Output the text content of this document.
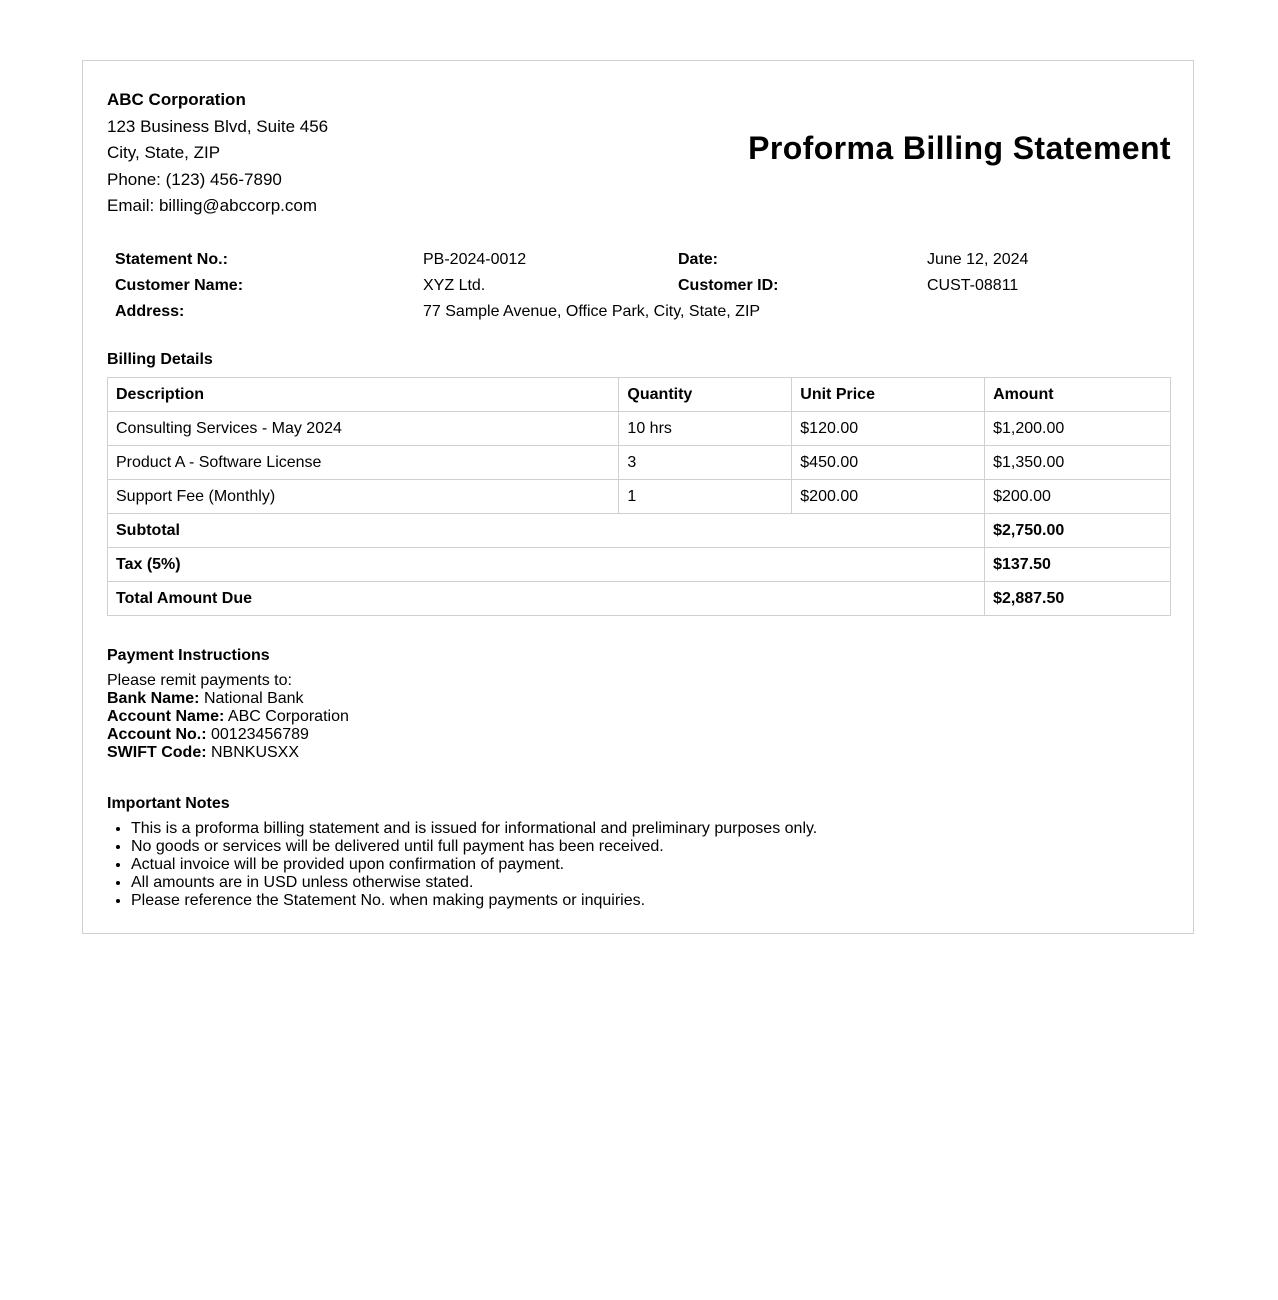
ABC Corporation
123 Business Blvd, Suite 456
City, State, ZIP
Phone: (123) 456-7890
Email: billing@abccorp.com
Proforma Billing Statement
Statement No.:	PB-2024-0012	Date:	June 12, 2024
Customer Name:	XYZ Ltd.	Customer ID:	CUST-08811
Address:	77 Sample Avenue, Office Park, City, State, ZIP		
Billing Details
Description	Quantity	Unit Price	Amount
Consulting Services - May 2024	10 hrs	$120.00	$1,200.00
Product A - Software License	3	$450.00	$1,350.00
Support Fee (Monthly)	1	$200.00	$200.00
Subtotal			$2,750.00
Tax (5%)			$137.50
Total Amount Due			$2,887.50
Payment Instructions
Please remit payments to:
Bank Name: National Bank
Account Name: ABC Corporation
Account No.: 00123456789
SWIFT Code: NBNKUSXX
Important Notes
• This is a proforma billing statement and is issued for informational and preliminary purposes only.
• No goods or services will be delivered until full payment has been received.
• Actual invoice will be provided upon confirmation of payment.
• All amounts are in USD unless otherwise stated.
• Please reference the Statement No. when making payments or inquiries.
